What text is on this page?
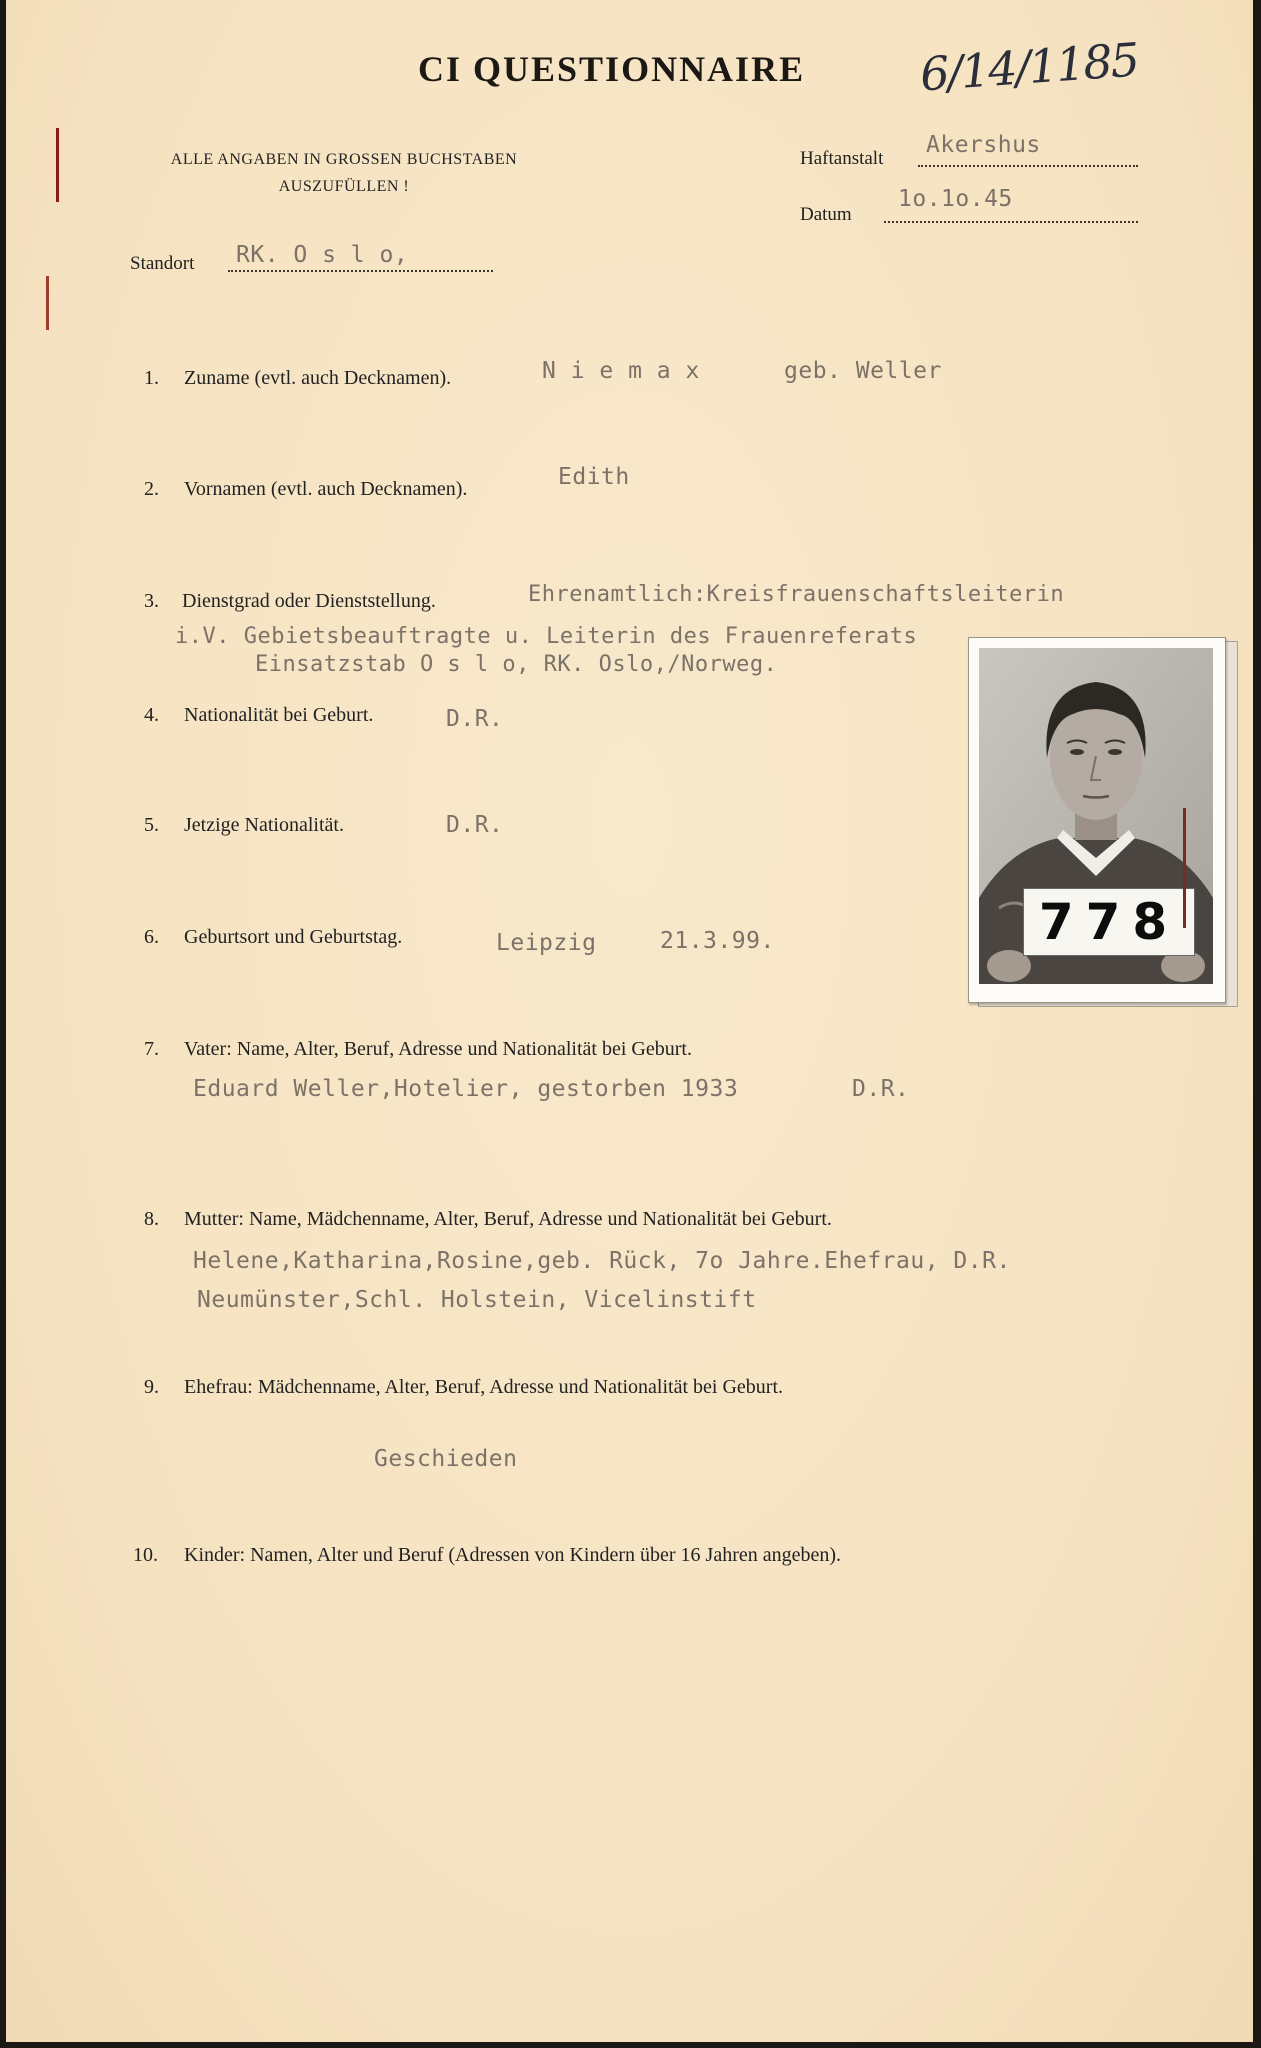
CI QUESTIONNAIRE 6/14/1185
ALLE ANGABEN IN GROSSEN BUCHSTABEN
AUSZUFÜLLEN !
Haftanstalt
Akershus
Datum
1o.1o.45
Standort RK. O s l o,
1. Zuname (evtl. auch Decknamen).	N i e m a x	geb. Weller
2. Vornamen (evtl. auch Decknamen).	Edith
3. Dienstgrad oder Dienststellung.	Ehrenamtlich:Kreisfrauenschaftsleiterin
i.V. Gebietsbeauftragte u. Leiterin des Frauenreferats
Einsatzstab O s l o, RK. Oslo,/Norweg.
4. Nationalität bei Geburt.	D.R.
5. Jetzige Nationalität.	D.R.
6. Geburtsort und Geburtstag.	Leipzig	21.3.99.
7. Vater: Name, Alter, Beruf, Adresse und Nationalität bei Geburt.
Eduard Weller,Hotelier, gestorben 1933	D.R.
8. Mutter: Name, Mädchenname, Alter, Beruf, Adresse und Nationalität bei Geburt.
Helene,Katharina,Rosine,geb. Rück, 7o Jahre.Ehefrau, D.R.
Neumünster,Schl. Holstein, Vicelinstift
9. Ehefrau: Mädchenname, Alter, Beruf, Adresse und Nationalität bei Geburt.
Geschieden
10. Kinder: Namen, Alter und Beruf (Adressen von Kindern über 16 Jahren angeben).
778
